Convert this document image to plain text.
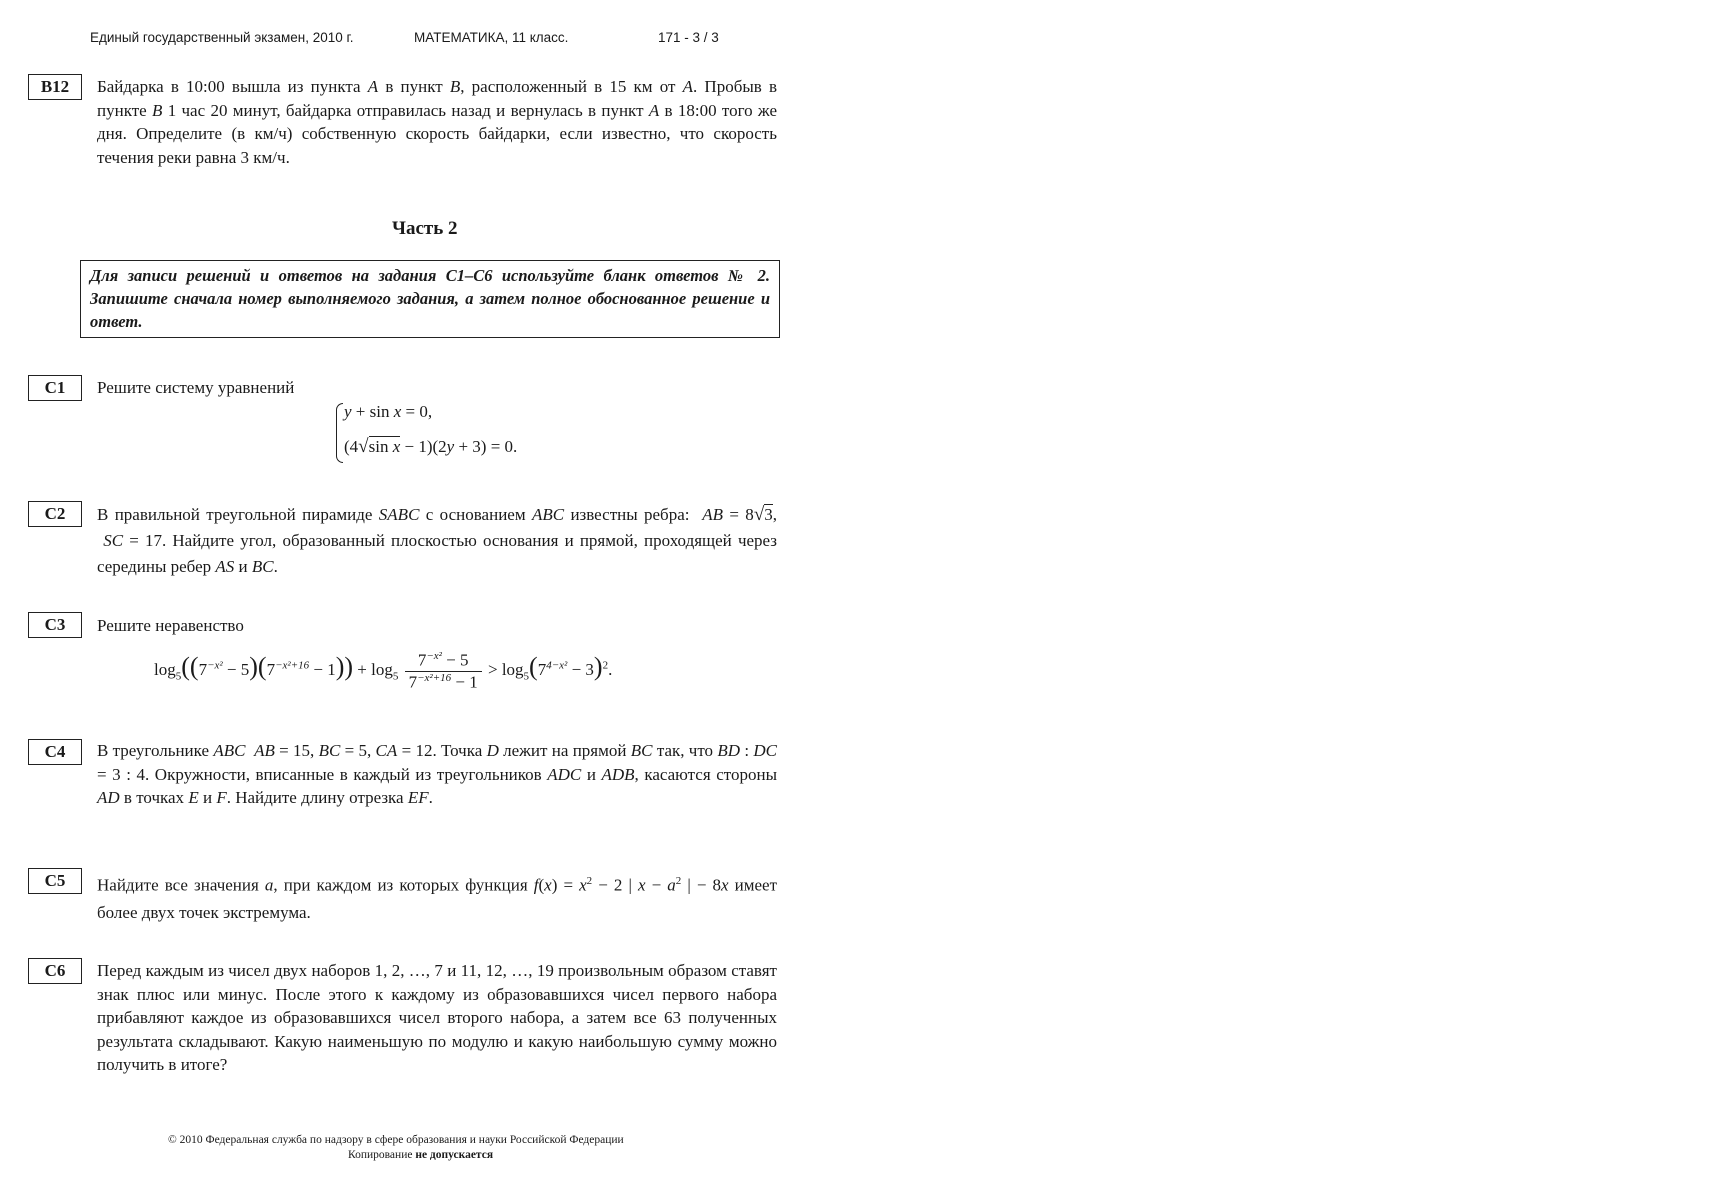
Единый государственный экзамен, 2010 г.	МАТЕМАТИКА, 11 класс.	171 - 3 / 3
B12	Байдарка в 10:00 вышла из пункта A в пункт B, расположенный в 15 км от A. Пробыв в пункте B 1 час 20 минут, байдарка отправилась назад и вернулась в пункт A в 18:00 того же дня. Определите (в км/ч) собственную скорость байдарки, если известно, что скорость течения реки равна 3 км/ч.

Часть 2
Для записи решений и ответов на задания C1–C6 используйте бланк ответов № 2. Запишите сначала номер выполняемого задания, а затем полное обоснованное решение и ответ.
C1	Решите систему уравнений
y + sin x = 0,
(4√sin x − 1)(2y + 3) = 0.
C2	В правильной треугольной пирамиде SABC с основанием ABC известны ребра:  AB = 8√3,  SC = 17. Найдите угол, образованный плоскостью основания и прямой, проходящей через середины ребер AS и BC.

C3	Решите неравенство
$\log_5((7^{-x^2} - 5)(7^{-x^2+16} - 1)) + \log_5 \frac{7^{-x^2} - 5}{7^{-x^2+16} - 1} > \log_5(7^{4-x^2} - 3)^2$.
C4	В треугольнике ABC AB = 15, BC = 5, CA = 12. Точка D лежит на прямой BC так, что BD : DC = 3 : 4. Окружности, вписанные в каждый из треугольников ADC и ADB, касаются стороны AD в точках E и F. Найдите длину отрезка EF.

C5	Найдите все значения a, при каждом из которых функция $f(x) = x^2 - 2$ | $x - a^2$ | − 8x имеет более двух точек экстремума.

C6	Перед каждым из чисел двух наборов 1, 2, …, 7 и 11, 12, …, 19 произвольным образом ставят знак плюс или минус. После этого к каждому из образовавшихся чисел первого набора прибавляют каждое из образовавшихся чисел второго набора, а затем все 63 полученных результата складывают. Какую наименьшую по модулю и какую наибольшую сумму можно получить в итоге?
© 2010 Федеральная служба по надзору в сфере образования и науки Российской Федерации
Копирование не допускается
